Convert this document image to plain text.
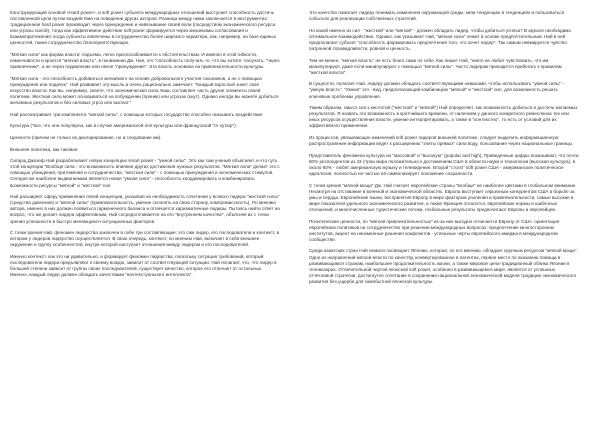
Конструирующий основой «Hard power», и soft power субъекта международных отношений выступает способность достичь поставленной цели путем воздействия на поведение других акторов. Разница между ними заключается в инструментах: традиционная hard power производит через принуждение и навязывание своей воли (посредством экономического ресурса или угрозы силой), тогда как эффективное действие soft power формируется через механизмы согласования и взаимопритяжения: когда субъекты вовлечены в сотрудничество более широкого характера, как, например, на базе единых ценностей, также сотрудничество благоприятствующих.

"Мягкая сила" как форма власти: подъема, легко приспосабливается к обстоятельствам. И именно в этой гибкости, изменчивости и кроется "мягкая власть", в понимании Дж. Ная, это "способность получать то, что вы хотите: получать, "через привлечение", а не через подавление или некое "принуждение". Эта власть основана на привлекательности культуры.

"Мягкая сила - это способность добиваться желаемого на основе добровольного участия союзников, а не с помощью принуждения или подачек". Най развивает эту мысль и очень рационально замечает: "Каждый взрослый знает свое искусство власти. Как вы, например, знаете, что экономическая сила лишь составляет часть другие элементы своей политики. Жесткая сила может основываться на побуждении (пряник) или угрозах (кнут). Однако иногда вы можете добиться желаемых результатов и без силовых угроз или выплат."

Най рассматривает три компонента "мягкой силы", с помощью которых государство способно оказывать воздействие:

Культура ("все, что она популярна, как в случае американской поп-культуры или французской "от кутюр").

Ценности (причем не только их декларирование, но и следование им).

Внешняя политика, как таковая.

Сигарщ Джозеф Най разрабатывает новую концепцию smart power - "умной силы". Это как сам ученый объясняет, и что суть этой концепции "Вообще сила - это возможность влияния других достижения нужных результатов. "Мягкая сила" делает это с помощью убеждения, притяжения и сотрудничества, "жесткая сила" - с помощью принуждения и экономических стимулов. Сегодня же наиболее выдвигаемым является новая "умная сила" - способность координировать и комбинировать возможности ресурсы "мягкой" и "жесткой" сил.

Най расширяет сферу применения своей концепции, указывая на необходимость сочетания у всякого лидера "жесткой силы" (средства давления) и "мягкой силы" (привлекательность, умение склонять на свою сторону, компромиссность). По мнению автора, именно в них должен появиться гармоничного баланса и отличается харизматичные лидеры. Пытаясь найти ответ на вопрос, что же делает лидера эффективным, Най сосредоточивается на его "внутреннем качестве", объясняя их с точки зрения успешности в быстро меняющихся ситуационных факторов.

С точки зрения Най, феномен лидерства заключен в себе три составляющие: это сам лидер, его последователи и контекст, в котором у лидеров лидерство осуществляется. В свою очередь, контекст, по мнению Най, включает в себя внешнее окружение и группу особенностей, внутри которой наступает отношения между лидером и его последователей.

Именно контекст, как это ни удивительно, и формирует феномен лидерства, поскольку ситуация требований, который последователи лидера предъявляют к своему вождю, зависит от соответствующей ситуации. Най полагает, что, что лидер в большей степени зависит от группы своих последователей, существует качество, которое его отличает от остальных. Именно, каждый лидер должен обладать качествами "контекстуального интеллекта".

Это качество помогает лидеру понимать изменения окружающей среды, кипи тенденцию в тенденциях и пользоваться событьях для реализации собственных стратегий.

Но какой именно из сил - "жесткой" или "мягкой" - должен обладать лидер, чтобы добиться успеха? В идеале необходимо оптимальное взаимодействие. Однако, как указывает Най, "мягкая сила" лежит в основе предпочтительным. Най в ней предполагает субъект "способность формировать предпочтения того, что хочет лидер". Так самым невмируется чувство патронной справедливости, ровной и ценность.

Тем не менее, "мягкая власть" не есть благо сама по себе. Как пишет Най, "никто не любит чувствовать, что им манипулируют, даже если манипулируют с помощью "мягкой силы". Часто лидерам приходится прибегать к правилам "жесткой власти".

В сущности, полагает Най, лидеру должен обладать соответствующими навыками, чтобы использовать "умной силы" - "умную власть". "Умная" это - вид, предполагающий комбинацию "мягкой" и "жесткой" сил, для возможность решать ключевые проблемы управления.

Таким образом, смысл сил к кислотой ("жесткой" и "мягкой") Най определяет, как возможность добиться и достичь желаемых результатов. Я назвать это возможность в кратчайшего времени, от наличием у данного конкретного ремесленах тех или иных ресурсов осуществления власти, умение интерпретировать, а также в "контекстно", то есть от условий для их эффективного применения.

Из процессов, увязывающих изменений soft power лидеров внешней политике, следует выделить информационную: распространение информации ведет к расширению "элиты прямых" сила воду, пользования через национальные границы.

Представитель феномена культура на "массовой" и "высокую" (popular and high), Приведенные цифры показывают, что почти 80% респондентов из 43 стран мира положительно к достижениям США в области науки и технологии (высокая культура), в около 60% - любят американскую музыку и телевидение. Второй "столп" soft power США - американское политическое идеология, полностью не частью её символизирует положение сохранности.

С точки зрения "мягкой мощи" Дж. Най считает европейские страны "вообще" ее наиболее цветами в глобальном внимание. Несмотря на отставание в военной и экономической областях, Европа выступает серьезным конкурентом США в борьбе за умы и сердца. Европейские языки, воспринятия Европу в мире фактором усиления и привлекательности, самые высокие в мире показатели удельного экономического развития, а также Франция относится, европейские нормы и шаблоных отношений, и многочисленные туристические потоки, глобальные результаты предпочитают Европы и европейцев.

Политические ценности, по "мягкой привлекательностью" из-за них выгодно отличается Европу от США: ориентация европейских политиков на сотрудничество при решении международных вопросах; предпочтение многосторонних институтов, акцент на неизменные решения конфликтов - успешные черты европейского имиджа в международном сообществе.

Среди азиатских стран Най немало посвящает Японию, которая, по его мнению, обладает крупным ресурсом "мягкой мощи". Одно из направлений мягкой власти по качеству, конвертированное в патентах, первое место по оказанию помощи в развивающимся странам, наибольшее продолжительность жизни, а также мировое цена-традиционный облика Японии в телевизорах. Отличительной чертой японской soft power, особенно в развивающемся мире, является от успешных отчётливой стратегии, достигнутое сочетание в сохранении национальной экономической модели традиции экономического развития без ущерба для самобытной японской культуры.
